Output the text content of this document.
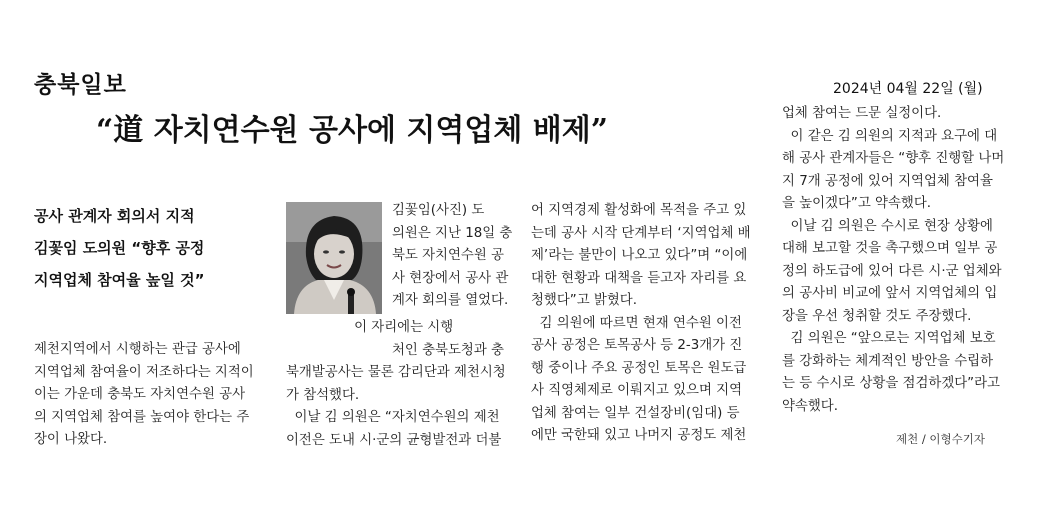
충북일보	2024년 04월 22일 (월)
“道 자치연수원 공사에 지역업체 배제”
공사 관계자 회의서 지적
김꽃임 도의원 “향후 공정
지역업체 참여율 높일 것”
제천지역에서 시행하는 관급 공사에
지역업체 참여율이 저조하다는 지적이
이는 가운데 충북도 자치연수원 공사
의 지역업체 참여를 높여야 한다는 주
장이 나왔다.
김꽃임(사진) 도
의원은 지난 18일 충
북도 자치연수원 공
사 현장에서 공사 관
계자 회의를 열었다.
이 자리에는 시행
처인 충북도청과 충
북개발공사는 물론 감리단과 제천시청
가 참석했다.
이날 김 의원은 “자치연수원의 제천
이전은 도내 시·군의 균형발전과 더불
어 지역경제 활성화에 목적을 주고 있
는데 공사 시작 단계부터 ‘지역업체 배
제’라는 불만이 나오고 있다”며 “이에
대한 현황과 대책을 듣고자 자리를 요
청했다”고 밝혔다.
김 의원에 따르면 현재 연수원 이전
공사 공정은 토목공사 등 2-3개가 진
행 중이나 주요 공정인 토목은 원도급
사 직영체제로 이뤄지고 있으며 지역
업체 참여는 일부 건설장비(임대) 등
에만 국한돼 있고 나머지 공정도 제천
업체 참여는 드문 실정이다.
이 같은 김 의원의 지적과 요구에 대
해 공사 관계자들은 “향후 진행할 나머
지 7개 공정에 있어 지역업체 참여율
을 높이겠다”고 약속했다.
이날 김 의원은 수시로 현장 상황에
대해 보고할 것을 촉구했으며 일부 공
정의 하도급에 있어 다른 시·군 업체와
의 공사비 비교에 앞서 지역업체의 입
장을 우선 청취할 것도 주장했다.
김 의원은 “앞으로는 지역업체 보호
를 강화하는 체계적인 방안을 수립하
는 등 수시로 상황을 점검하겠다”라고
약속했다.
제천 / 이형수기자
